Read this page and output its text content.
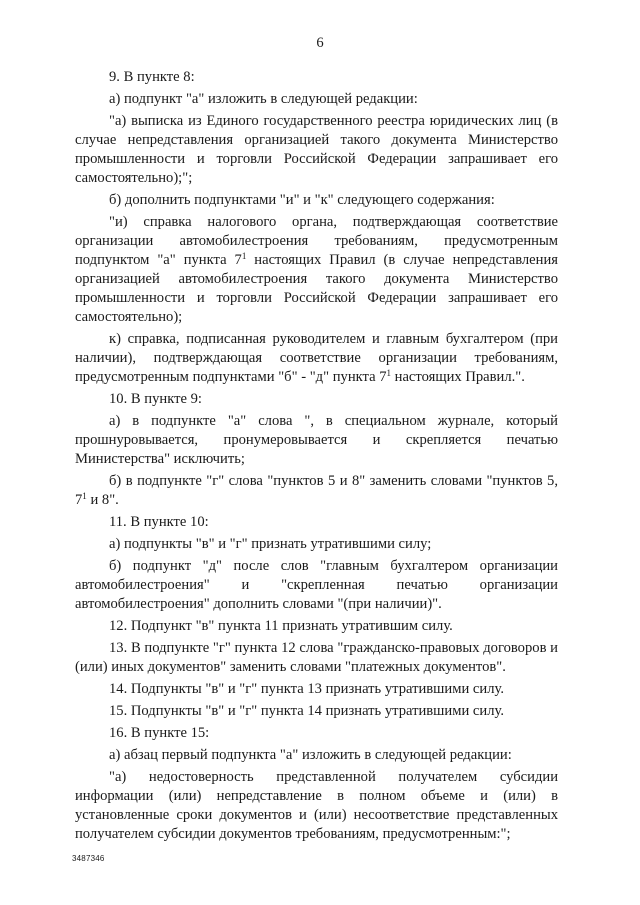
6

9. В пункте 8:

а) подпункт "а" изложить в следующей редакции:

"а) выписка из Единого государственного реестра юридических лиц (в случае непредставления организацией такого документа Министерство промышленности и торговли Российской Федерации запрашивает его самостоятельно);";

б) дополнить подпунктами "и" и "к" следующего содержания:

"и) справка налогового органа, подтверждающая соответствие организации автомобилестроения требованиям, предусмотренным подпунктом "а" пункта $7^1$ настоящих Правил (в случае непредставления организацией автомобилестроения такого документа Министерство промышленности и торговли Российской Федерации запрашивает его самостоятельно);

к) справка, подписанная руководителем и главным бухгалтером (при наличии), подтверждающая соответствие организации требованиям, предусмотренным подпунктами "б" - "д" пункта $7^1$ настоящих Правил.".

10. В пункте 9:

а) в подпункте "а" слова ", в специальном журнале, который прошнуровывается, пронумеровывается и скрепляется печатью Министерства" исключить;

б) в подпункте "г" слова "пунктов 5 и 8" заменить словами "пунктов 5, $7^1$ и 8".

11. В пункте 10:

а) подпункты "в" и "г" признать утратившими силу;

б) подпункт "д" после слов "главным бухгалтером организации автомобилестроения" и "скрепленная печатью организации автомобилестроения" дополнить словами "(при наличии)".

12. Подпункт "в" пункта 11 признать утратившим силу.

13. В подпункте "г" пункта 12 слова "гражданско-правовых договоров и (или) иных документов" заменить словами "платежных документов".

14. Подпункты "в" и "г" пункта 13 признать утратившими силу.

15. Подпункты "в" и "г" пункта 14 признать утратившими силу.

16. В пункте 15:

а) абзац первый подпункта "а" изложить в следующей редакции:

"а) недостоверность представленной получателем субсидии информации (или) непредставление в полном объеме и (или) в установленные сроки документов и (или) несоответствие представленных получателем субсидии документов требованиям, предусмотренным:";

3487346
